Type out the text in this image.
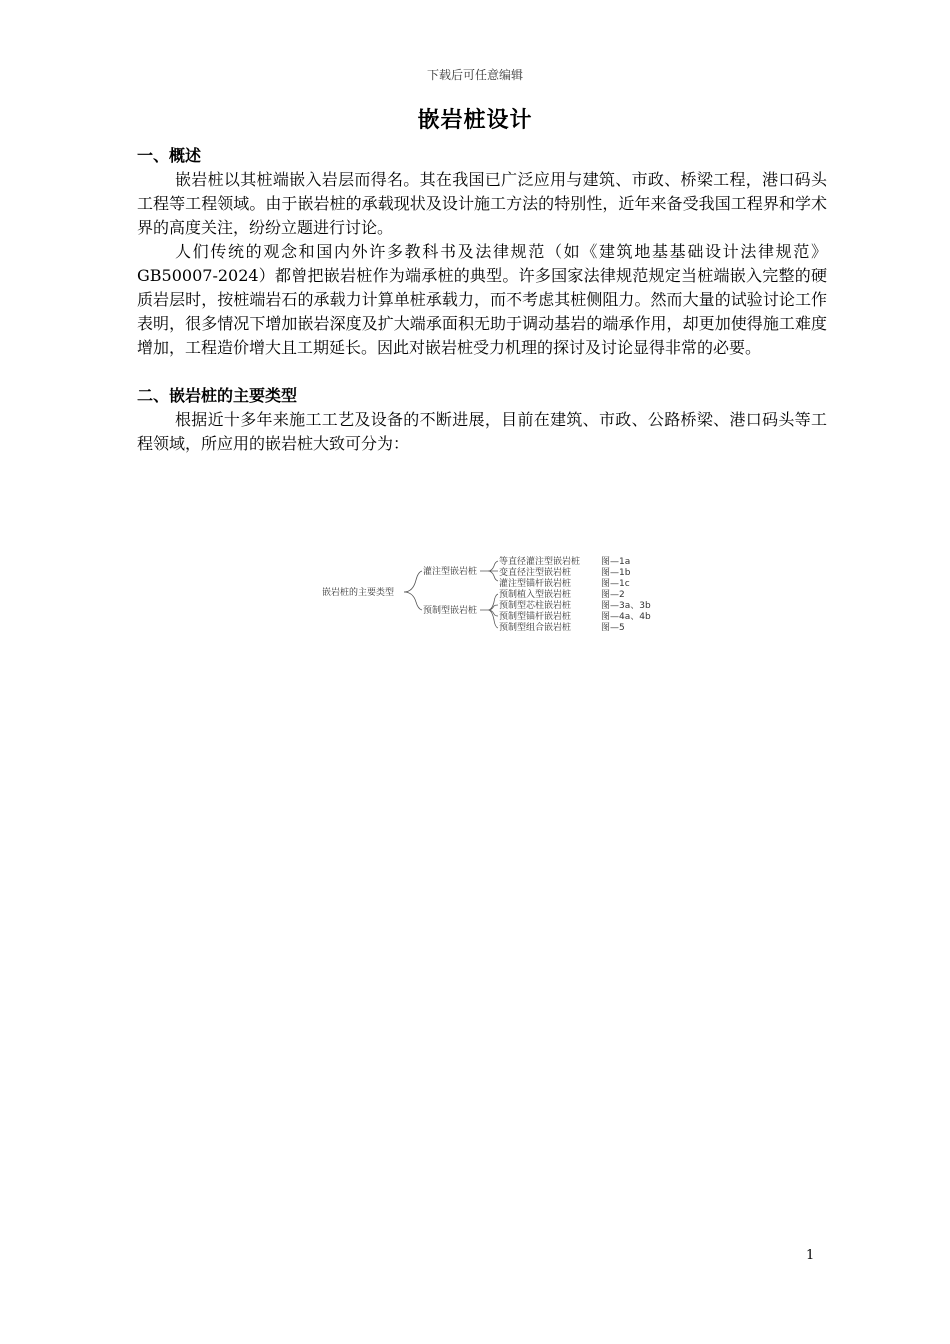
下载后可任意编辑
嵌岩桩设计

一、概述

嵌岩桩以其桩端嵌入岩层而得名。其在我国已广泛应用与建筑、市政、桥梁工程，港口码头工程等工程领域。由于嵌岩桩的承载现状及设计施工方法的特别性，近年来备受我国工程界和学术界的高度关注，纷纷立题进行讨论。

人们传统的观念和国内外许多教科书及法律规范（如《建筑地基基础设计法律规范》GB50007-2024）都曾把嵌岩桩作为端承桩的典型。许多国家法律规范规定当桩端嵌入完整的硬质岩层时，按桩端岩石的承载力计算单桩承载力，而不考虑其桩侧阻力。然而大量的试验讨论工作表明，很多情况下增加嵌岩深度及扩大端承面积无助于调动基岩的端承作用，却更加使得施工难度增加，工程造价增大且工期延长。因此对嵌岩桩受力机理的探讨及讨论显得非常的必要。

二、嵌岩桩的主要类型

根据近十多年来施工工艺及设备的不断进展，目前在建筑、市政、公路桥梁、港口码头等工程领域，所应用的嵌岩桩大致可分为：

嵌岩桩的主要类型
灌注型嵌岩桩
预制型嵌岩桩
等直径灌注型嵌岩桩 图—1a
变直径注型嵌岩桩	图—1b
灌注型锚杆嵌岩桩	图—1c
预制植入型嵌岩桩	图—2
预制型芯柱嵌岩桩	图—3a、3b
预制型锚杆嵌岩桩	图—4a、4b
预制型组合嵌岩桩	图—5
1
